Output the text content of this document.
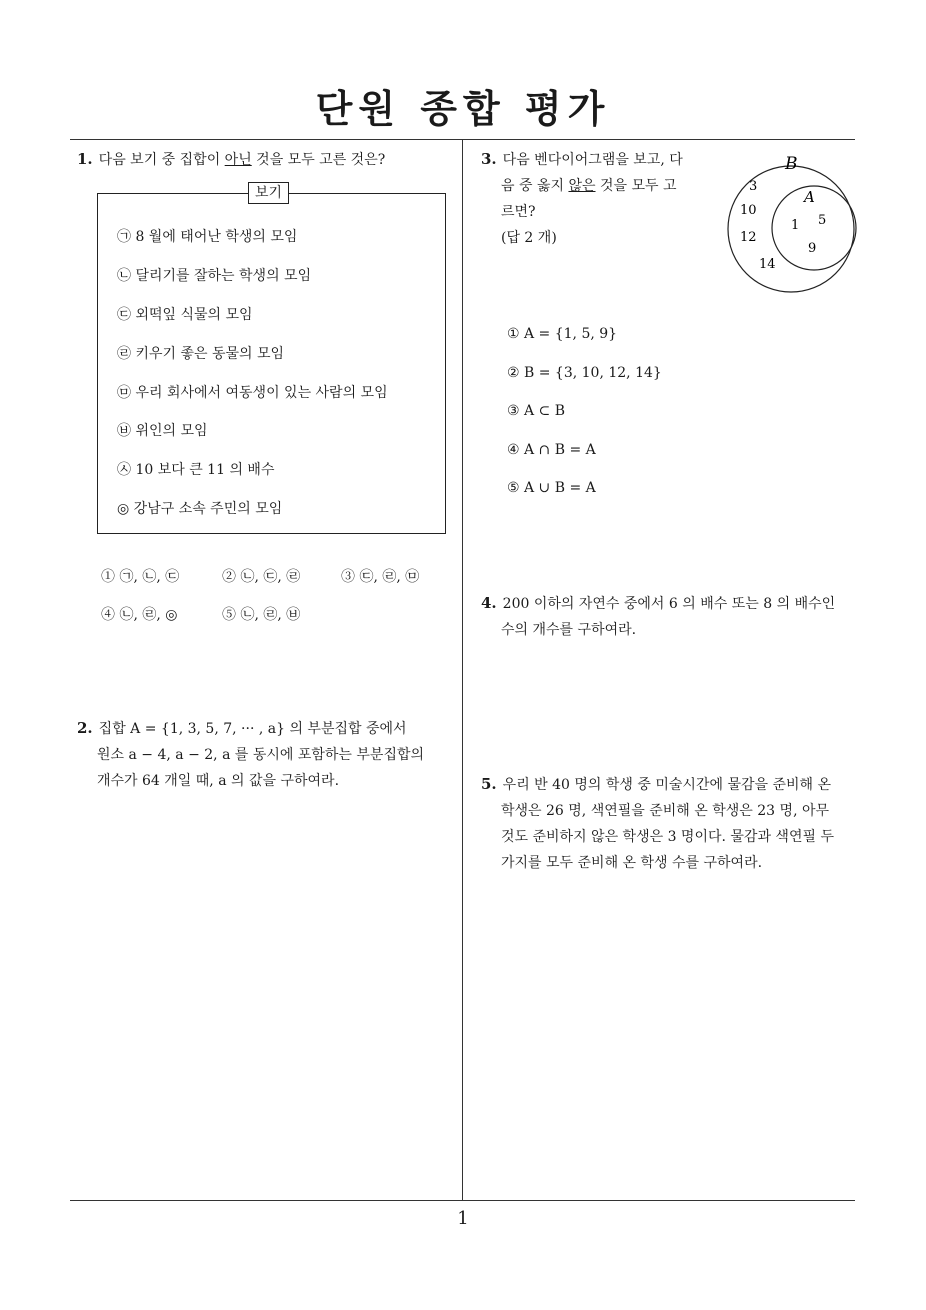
단원 종합 평가
1. 다음 보기 중 집합이 아닌 것을 모두 고른 것은?
보기
㉠ 8 월에 태어난 학생의 모임
㉡ 달리기를 잘하는 학생의 모임
㉢ 외떡잎 식물의 모임
㉣ 키우기 좋은 동물의 모임
㉤ 우리 회사에서 여동생이 있는 사람의 모임
㉥ 위인의 모임
㉦ 10 보다 큰 11 의 배수
◎ 강남구 소속 주민의 모임
① ㉠, ㉡, ㉢	② ㉡, ㉢, ㉣	③ ㉢, ㉣, ㉤
④ ㉡, ㉣, ◎	⑤ ㉡, ㉣, ㉥
2. 집합 A = {1, 3, 5, 7, ··· , a} 의 부분집합 중에서
원소 a − 4, a − 2, a 를 동시에 포함하는 부분집합의
개수가 64 개일 때, a 의 값을 구하여라.
3. 다음 벤다이어그램을 보고, 다
음 중 옳지 않은 것을 모두 고
르면?
(답 2 개)
B
A
3
10
12
14
1 5
9
① A = {1, 5, 9}
② B = {3, 10, 12, 14}
③ A ⊂ B
④ A ∩ B = A
⑤ A ∪ B = A
4. 200 이하의 자연수 중에서 6 의 배수 또는 8 의 배수인
수의 개수를 구하여라.
5. 우리 반 40 명의 학생 중 미술시간에 물감을 준비해 온
학생은 26 명, 색연필을 준비해 온 학생은 23 명, 아무
것도 준비하지 않은 학생은 3 명이다. 물감과 색연필 두
가지를 모두 준비해 온 학생 수를 구하여라.
1
